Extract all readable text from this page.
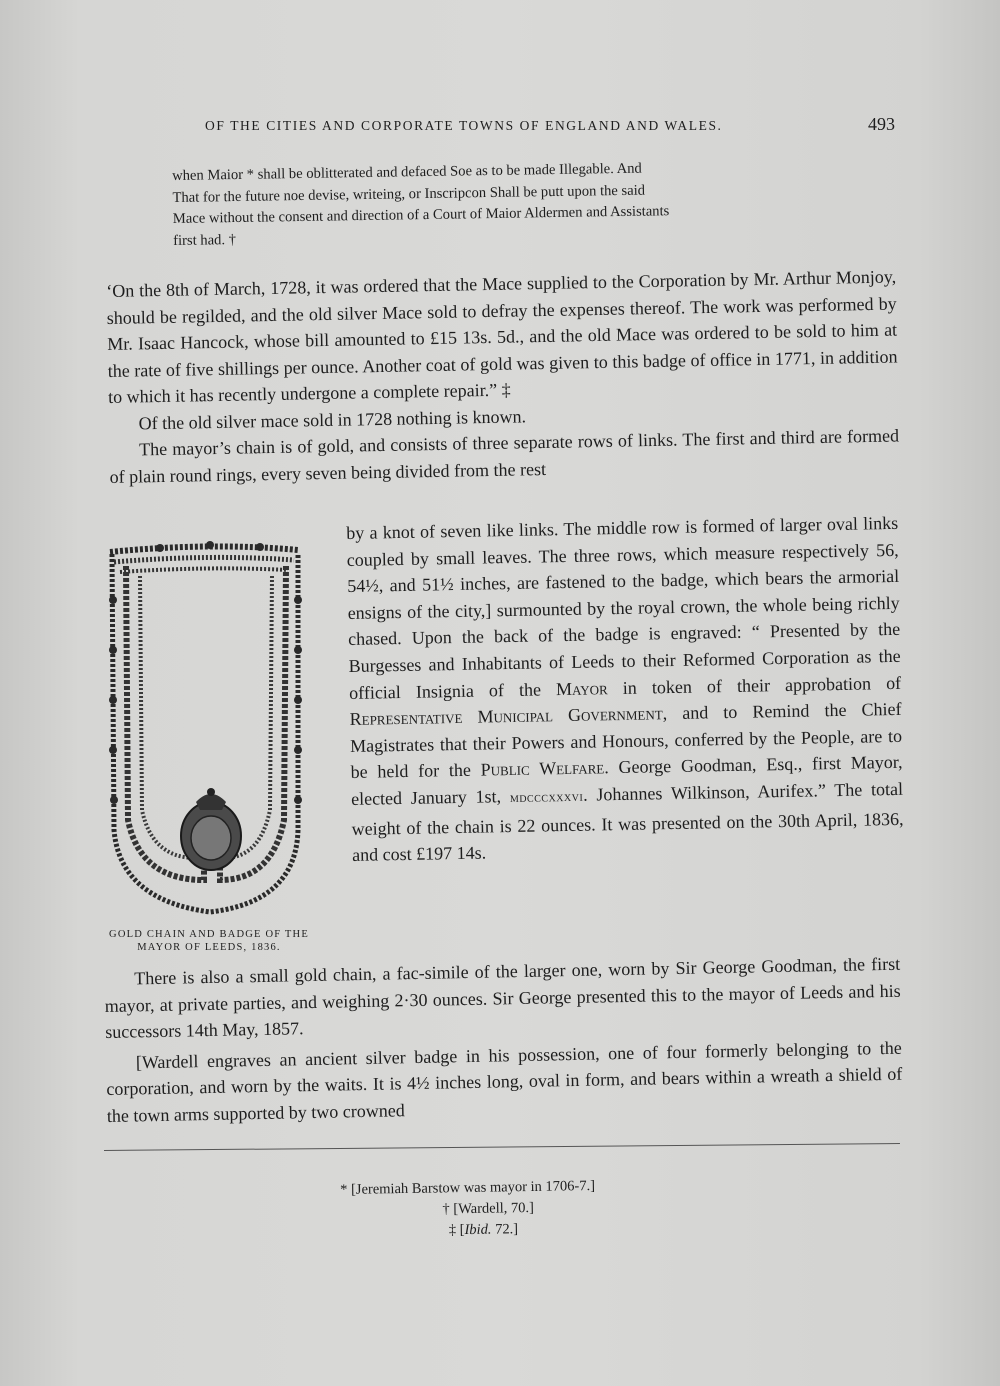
OF THE CITIES AND CORPORATE TOWNS OF ENGLAND AND WALES.	493
when Maior * shall be oblitterated and defaced Soe as to be made Illegable. And
That for the future noe devise, writeing, or Inscripcon Shall be putt upon the said
Mace without the consent and direction of a Court of Maior Aldermen and Assistants
first had. †

‘On the 8th of March, 1728, it was ordered that the Mace supplied to the Corporation by Mr. Arthur Monjoy, should be regilded, and the old silver Mace sold to defray the expenses thereof. The work was performed by Mr. Isaac Hancock, whose bill amounted to £15 13s. 5d., and the old Mace was ordered to be sold to him at the rate of five shillings per ounce. Another coat of gold was given to this badge of office in 1771, in addition to which it has recently undergone a complete repair.” ‡

Of the old silver mace sold in 1728 nothing is known.

The mayor’s chain is of gold, and consists of three separate rows of links. The first and third are formed of plain round rings, every seven being divided from the rest

GOLD CHAIN AND BADGE OF THE
MAYOR OF LEEDS, 1836.

by a knot of seven like links. The middle row is formed of larger oval links coupled by small leaves. The three rows, which measure respectively 56, 54½, and 51½ inches, are fastened to the badge, which bears the armorial ensigns of the city,] surmounted by the royal crown, the whole being richly chased. Upon the back of the badge is engraved: “ Presented by the Burgesses and Inhabitants of Leeds to their Reformed Corporation as the official Insignia of the Mayor in token of their approbation of Representative Municipal Government, and to Remind the Chief Magistrates that their Powers and Honours, conferred by the People, are to be held for the Public Welfare. George Goodman, Esq., first Mayor, elected January 1st, mdcccxxxvi. Johannes Wilkinson, Aurifex.” The total weight of the chain is 22 ounces. It was presented on the 30th April, 1836, and cost £197 14s.

There is also a small gold chain, a fac-simile of the larger one, worn by Sir George Goodman, the first mayor, at private parties, and weighing 2·30 ounces. Sir George presented this to the mayor of Leeds and his successors 14th May, 1857.

[Wardell engraves an ancient silver badge in his possession, one of four formerly belonging to the corporation, and worn by the waits. It is 4½ inches long, oval in form, and bears within a wreath a shield of the town arms supported by two crowned

* [Jeremiah Barstow was mayor in 1706-7.]
† [Wardell, 70.]
‡ [Ibid. 72.]
